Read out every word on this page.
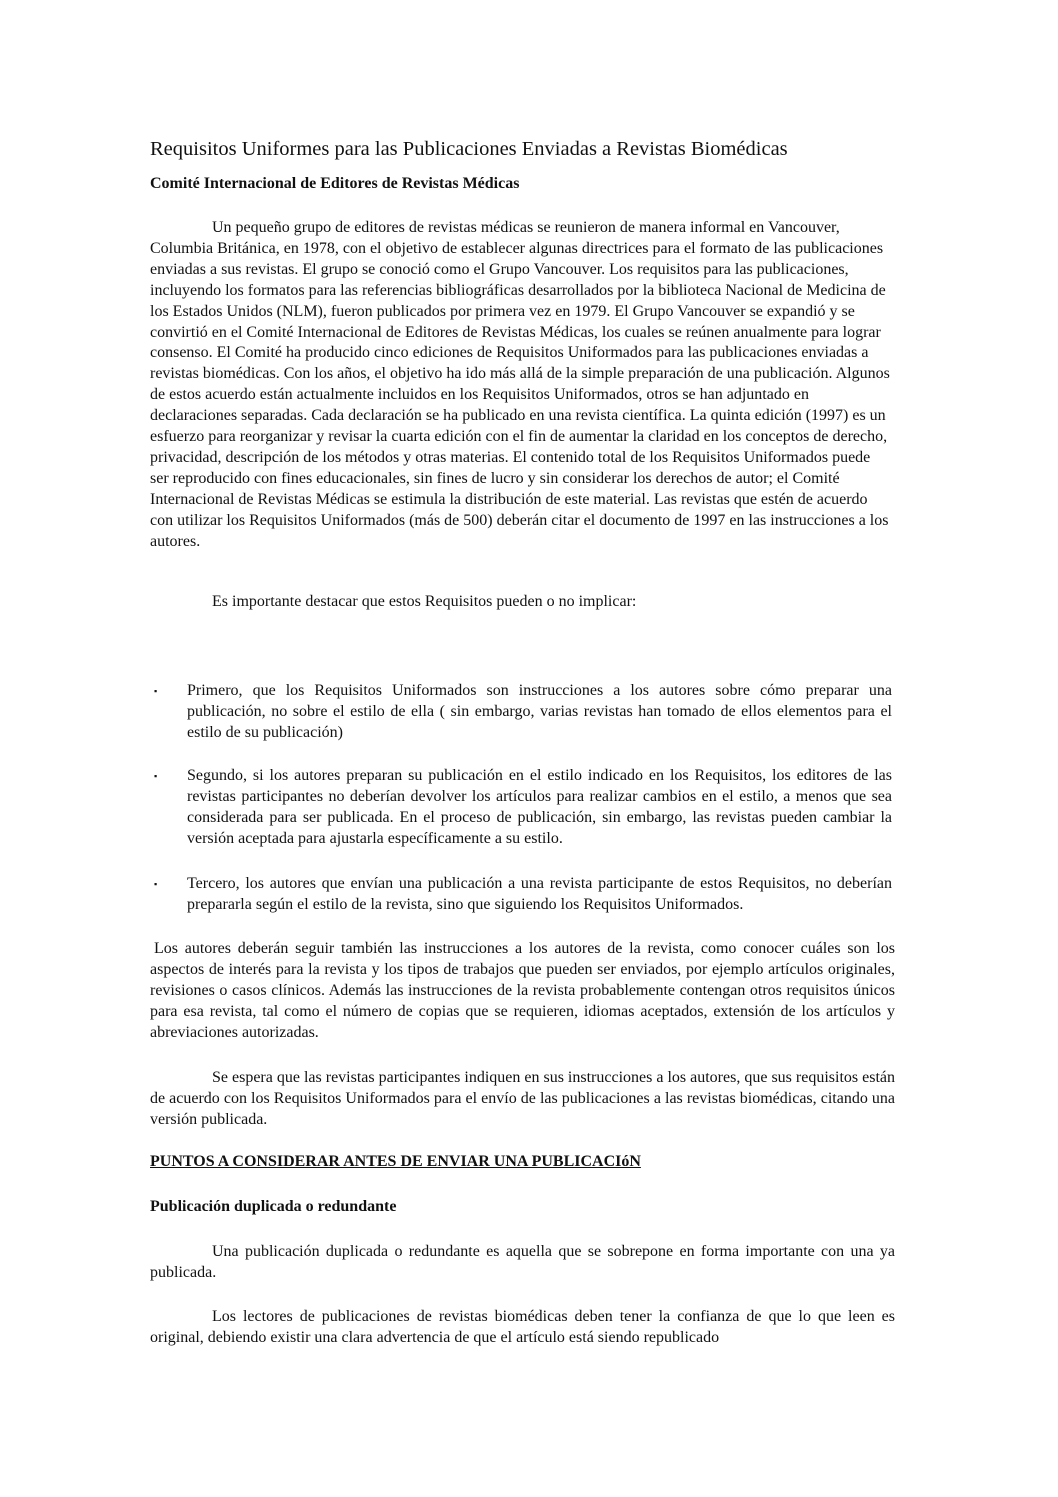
Requisitos Uniformes para las Publicaciones Enviadas a Revistas Biomédicas
Comité Internacional de Editores de Revistas Médicas
Un pequeño grupo de editores de revistas médicas se reunieron de manera informal en Vancouver, Columbia Británica, en 1978, con el objetivo de establecer algunas directrices para el formato de las publicaciones enviadas a sus revistas. El grupo se conoció como el Grupo Vancouver. Los requisitos para las publicaciones, incluyendo los formatos para las referencias bibliográficas desarrollados por la biblioteca Nacional de Medicina de los Estados Unidos (NLM), fueron publicados por primera vez en 1979. El Grupo Vancouver se expandió y se convirtió en el Comité Internacional de Editores de Revistas Médicas, los cuales se reúnen anualmente para lograr consenso. El Comité ha producido cinco ediciones de Requisitos Uniformados para las publicaciones enviadas a revistas biomédicas. Con los años, el objetivo ha ido más allá de la simple preparación de una publicación. Algunos de estos acuerdo están actualmente incluidos en los Requisitos Uniformados, otros se han adjuntado en declaraciones separadas. Cada declaración se ha publicado en una revista científica. La quinta edición (1997) es un esfuerzo para reorganizar y revisar la cuarta edición con el fin de aumentar la claridad en los conceptos de derecho, privacidad, descripción de los métodos y otras materias. El contenido total de los Requisitos Uniformados puede ser reproducido con fines educacionales, sin fines de lucro y sin considerar los derechos de autor; el Comité Internacional de Revistas Médicas se estimula la distribución de este material. Las revistas que estén de acuerdo con utilizar los Requisitos Uniformados (más de 500) deberán citar el documento de 1997 en las instrucciones a los autores.
Es importante destacar que estos Requisitos pueden o no implicar:
▪ Primero, que los Requisitos Uniformados son instrucciones a los autores sobre cómo preparar una publicación, no sobre el estilo de ella ( sin embargo, varias revistas han tomado de ellos elementos para el estilo de su publicación)
▪ Segundo, si los autores preparan su publicación en el estilo indicado en los Requisitos, los editores de las revistas participantes no deberían devolver los artículos para realizar cambios en el estilo, a menos que sea considerada para ser publicada. En el proceso de publicación, sin embargo, las revistas pueden cambiar la versión aceptada para ajustarla específicamente a su estilo.
▪ Tercero, los autores que envían una publicación a una revista participante de estos Requisitos, no deberían prepararla según el estilo de la revista, sino que siguiendo los Requisitos Uniformados.
Los autores deberán seguir también las instrucciones a los autores de la revista, como conocer cuáles son los aspectos de interés para la revista y los tipos de trabajos que pueden ser enviados, por ejemplo artículos originales, revisiones o casos clínicos. Además las instrucciones de la revista probablemente contengan otros requisitos únicos para esa revista, tal como el número de copias que se requieren, idiomas aceptados, extensión de los artículos y abreviaciones autorizadas.
Se espera que las revistas participantes indiquen en sus instrucciones a los autores, que sus requisitos están de acuerdo con los Requisitos Uniformados para el envío de las publicaciones a las revistas biomédicas, citando una versión publicada.
PUNTOS A CONSIDERAR ANTES DE ENVIAR UNA PUBLICACIóN
Publicación duplicada o redundante
Una publicación duplicada o redundante es aquella que se sobrepone en forma importante con una ya publicada.
Los lectores de publicaciones de revistas biomédicas deben tener la confianza de que lo que leen es original, debiendo existir una clara advertencia de que el artículo está siendo republicado
